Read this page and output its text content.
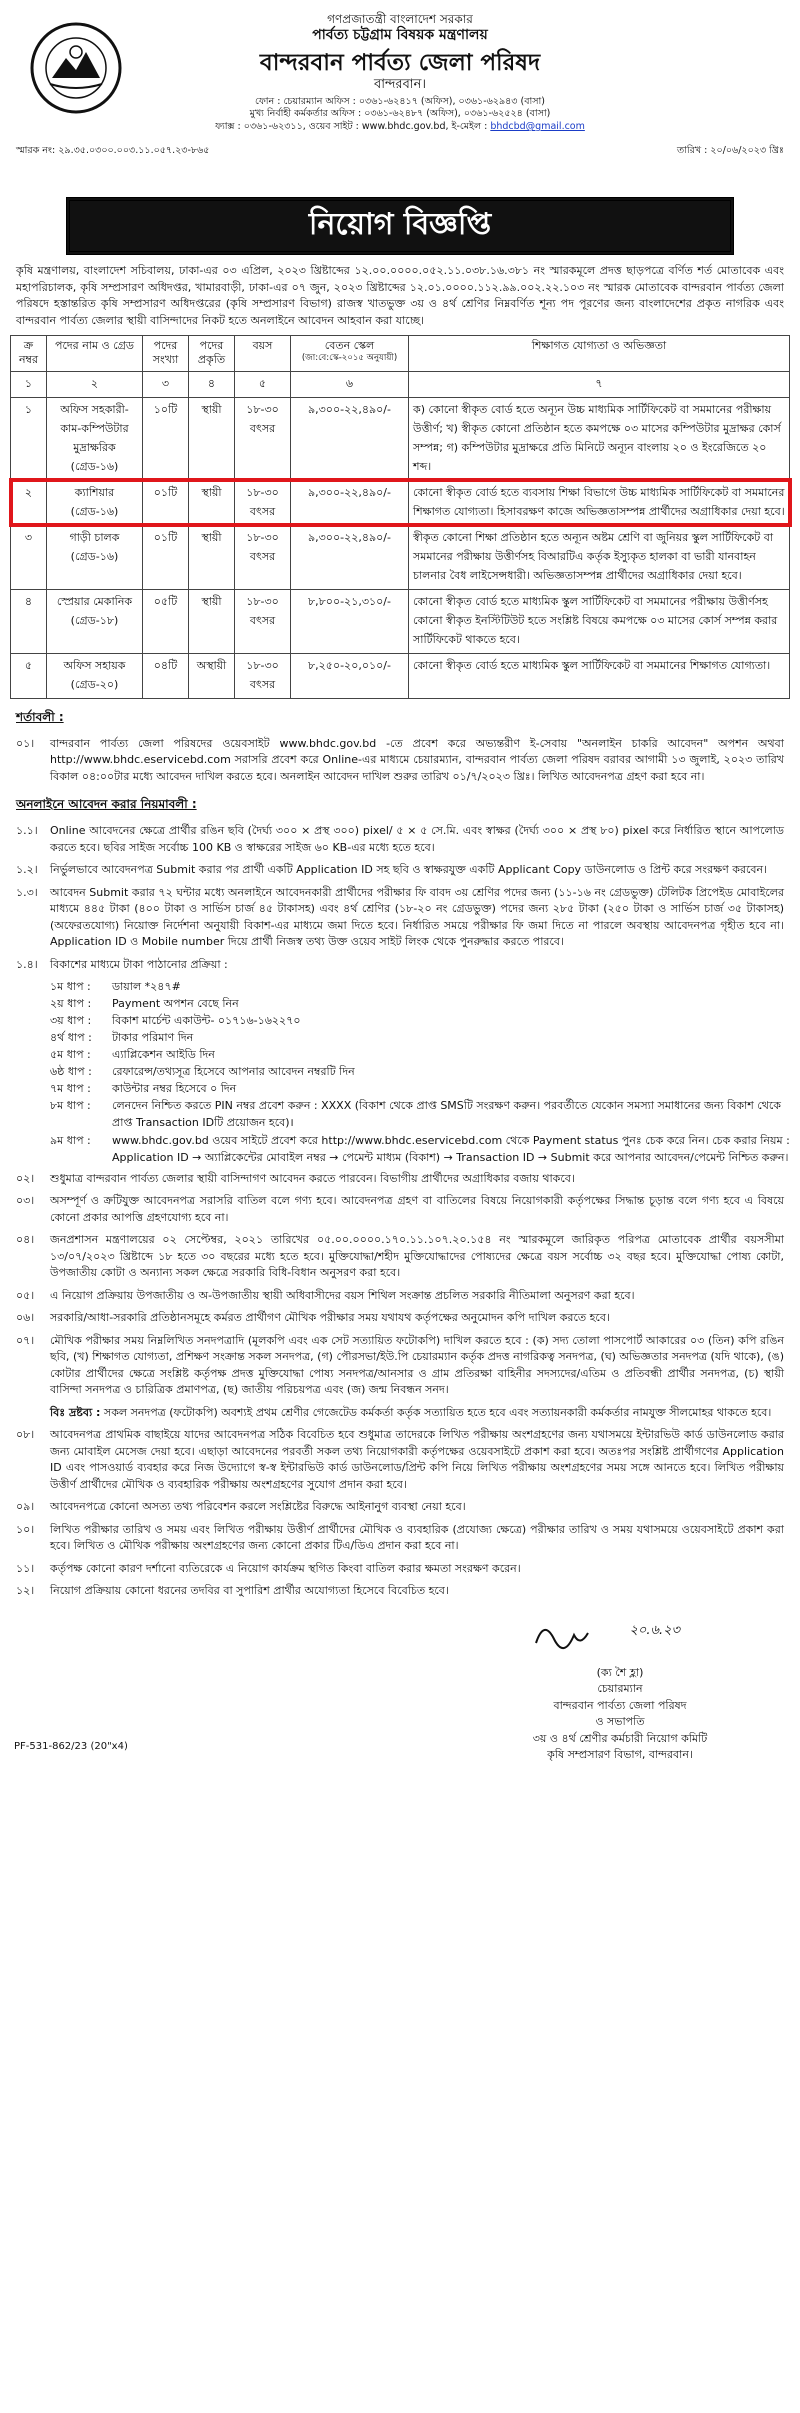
গণপ্রজাতন্ত্রী বাংলাদেশ সরকার
পার্বত্য চট্টগ্রাম বিষয়ক মন্ত্রণালয়
বান্দরবান পার্বত্য জেলা পরিষদ
বান্দরবান।
ফোন : চেয়ারম্যান অফিস : ০৩৬১-৬২৪১৭ (অফিস), ০৩৬১-৬২৯৪৩ (বাসা)
মুখ্য নির্বাহী কর্মকর্তার অফিস : ০৩৬১-৬২৪৮৭ (অফিস), ০৩৬১-৬২৫২৪ (বাসা)
ফ্যাক্স : ০৩৬১-৬২৩১১, ওয়েব সাইট : www.bhdc.gov.bd, ই-মেইল : bhdcbd@gmail.com
স্মারক নং: ২৯.৩৫.০৩০০.০০৩.১১.০৫৭.২৩-৮৬৫	তারিখ : ২০/০৬/২০২৩ খ্রিঃ
নিয়োগ বিজ্ঞপ্তি
কৃষি মন্ত্রণালয়, বাংলাদেশ সচিবালয়, ঢাকা-এর ০৩ এপ্রিল, ২০২৩ খ্রিষ্টাব্দের ১২.০০.০০০০.০৫২.১১.০৩৮.১৬.৩৮১ নং স্মারকমূলে প্রদত্ত ছাড়পত্রে বর্ণিত শর্ত মোতাবেক এবং মহাপরিচালক, কৃষি সম্প্রসারণ অধিদপ্তর, খামারবাড়ী, ঢাকা-এর ০৭ জুন, ২০২৩ খ্রিষ্টাব্দের ১২.০১.০০০০.১১২.৯৯.০০২.২২.১০৩ নং স্মারক মোতাবেক বান্দরবান পার্বত্য জেলা পরিষদে হস্তান্তরিত কৃষি সম্প্রসারণ অধিদপ্তরের (কৃষি সম্প্রসারণ বিভাগ) রাজস্ব খাতভুক্ত ৩য় ও ৪র্থ শ্রেণির নিম্নবর্ণিত শূন্য পদ পূরণের জন্য বাংলাদেশের প্রকৃত নাগরিক এবং বান্দরবান পার্বত্য জেলার স্থায়ী বাসিন্দাদের নিকট হতে অনলাইনে আবেদন আহবান করা যাচ্ছে।
ক্র নম্বর	পদের নাম ও গ্রেড	পদের সংখ্যা	পদের প্রকৃতি	বয়স	বেতন স্কেল
(জা:বে:স্কে-২০১৫ অনুযায়ী)	শিক্ষাগত যোগ্যতা ও অভিজ্ঞতা
১	২	৩	৪	৫	৬	৭
১	অফিস সহকারী-কাম-কম্পিউটার মুদ্রাক্ষরিক (গ্রেড-১৬)	১০টি	স্থায়ী	১৮-৩০ বৎসর	৯,৩০০-২২,৪৯০/-	ক) কোনো স্বীকৃত বোর্ড হতে অন্যূন উচ্চ মাধ্যমিক সার্টিফিকেট বা সমমানের পরীক্ষায় উত্তীর্ণ; খ) স্বীকৃত কোনো প্রতিষ্ঠান হতে কমপক্ষে ০৩ মাসের কম্পিউটার মুদ্রাক্ষর কোর্স সম্পন্ন; গ) কম্পিউটার মুদ্রাক্ষরে প্রতি মিনিটে অন্যূন বাংলায় ২০ ও ইংরেজিতে ২০ শব্দ।
২	ক্যাশিয়ার (গ্রেড-১৬)	০১টি	স্থায়ী	১৮-৩০ বৎসর	৯,৩০০-২২,৪৯০/-	কোনো স্বীকৃত বোর্ড হতে ব্যবসায় শিক্ষা বিভাগে উচ্চ মাধ্যমিক সার্টিফিকেট বা সমমানের শিক্ষাগত যোগ্যতা। হিসাবরক্ষণ কাজে অভিজ্ঞতাসম্পন্ন প্রার্থীদের অগ্রাধিকার দেয়া হবে।
৩	গাড়ী চালক (গ্রেড-১৬)	০১টি	স্থায়ী	১৮-৩০ বৎসর	৯,৩০০-২২,৪৯০/-	স্বীকৃত কোনো শিক্ষা প্রতিষ্ঠান হতে অন্যূন অষ্টম শ্রেণি বা জুনিয়র স্কুল সার্টিফিকেট বা সমমানের পরীক্ষায় উত্তীর্ণসহ বিআরটিএ কর্তৃক ইস্যুকৃত হালকা বা ভারী যানবাহন চালনার বৈধ লাইসেন্সধারী। অভিজ্ঞতাসম্পন্ন প্রার্থীদের অগ্রাধিকার দেয়া হবে।
৪	স্প্রেয়ার মেকানিক (গ্রেড-১৮)	০৫টি	স্থায়ী	১৮-৩০ বৎসর	৮,৮০০-২১,৩১০/-	কোনো স্বীকৃত বোর্ড হতে মাধ্যমিক স্কুল সার্টিফিকেট বা সমমানের পরীক্ষায় উত্তীর্ণসহ কোনো স্বীকৃত ইনস্টিটিউট হতে সংশ্লিষ্ট বিষয়ে কমপক্ষে ০৩ মাসের কোর্স সম্পন্ন করার সার্টিফিকেট থাকতে হবে।
৫	অফিস সহায়ক (গ্রেড-২০)	০৪টি	অস্থায়ী	১৮-৩০ বৎসর	৮,২৫০-২০,০১০/-	কোনো স্বীকৃত বোর্ড হতে মাধ্যমিক স্কুল সার্টিফিকেট বা সমমানের শিক্ষাগত যোগ্যতা।
শর্তাবলী :
০১।	বান্দরবান পার্বত্য জেলা পরিষদের ওয়েবসাইট www.bhdc.gov.bd -তে প্রবেশ করে অভ্যন্তরীণ ই-সেবায় "অনলাইন চাকরি আবেদন" অপশন অথবা http://www.bhdc.eservicebd.com সরাসরি প্রবেশ করে Online-এর মাধ্যমে চেয়ারম্যান, বান্দরবান পার্বত্য জেলা পরিষদ বরাবর আগামী ১৩ জুলাই, ২০২৩ তারিখ বিকাল ০৪:০০টার মধ্যে আবেদন দাখিল করতে হবে। অনলাইন আবেদন দাখিল শুরুর তারিখ ০১/৭/২০২৩ খ্রিঃ। লিখিত আবেদনপত্র গ্রহণ করা হবে না।
অনলাইনে আবেদন করার নিয়মাবলী :
১.১।	Online আবেদনের ক্ষেত্রে প্রার্থীর রঙিন ছবি (দৈর্ঘ্য ৩০০ × প্রস্থ ৩০০) pixel/ ৫ × ৫ সে.মি. এবং স্বাক্ষর (দৈর্ঘ্য ৩০০ × প্রস্থ ৮০) pixel করে নির্ধারিত স্থানে আপলোড করতে হবে। ছবির সাইজ সর্বোচ্চ 100 KB ও স্বাক্ষরের সাইজ ৬০ KB-এর মধ্যে হতে হবে।
১.২।	নির্ভুলভাবে আবেদনপত্র Submit করার পর প্রার্থী একটি Application ID সহ ছবি ও স্বাক্ষরযুক্ত একটি Applicant Copy ডাউনলোড ও প্রিন্ট করে সংরক্ষণ করবেন।
১.৩।	আবেদন Submit করার ৭২ ঘন্টার মধ্যে অনলাইনে আবেদনকারী প্রার্থীদের পরীক্ষার ফি বাবদ ৩য় শ্রেণির পদের জন্য (১১-১৬ নং গ্রেডভুক্ত) টেলিটক প্রিপেইড মোবাইলের মাধ্যমে ৪৪৫ টাকা (৪০০ টাকা ও সার্ভিস চার্জ ৪৫ টাকাসহ) এবং ৪র্থ শ্রেণির (১৮-২০ নং গ্রেডভুক্ত) পদের জন্য ২৮৫ টাকা (২৫০ টাকা ও সার্ভিস চার্জ ৩৫ টাকাসহ) (অফেরতযোগ্য) নিয়োক্ত নির্দেশনা অনুযায়ী বিকাশ-এর মাধ্যমে জমা দিতে হবে। নির্ধারিত সময়ে পরীক্ষার ফি জমা দিতে না পারলে অবস্থায় আবেদনপত্র গৃহীত হবে না। Application ID ও Mobile number দিয়ে প্রার্থী নিজস্ব তথ্য উক্ত ওয়েব সাইট লিংক থেকে পুনরুদ্ধার করতে পারবে।
১.৪।	বিকাশের মাধ্যমে টাকা পাঠানোর প্রক্রিয়া :
১ম ধাপ :	ডায়াল *২৪৭#
২য় ধাপ :	Payment অপশন বেছে নিন
৩য় ধাপ :	বিকাশ মার্চেন্ট একাউন্ট- ০১৭১৬-১৬২২৭০
৪র্থ ধাপ :	টাকার পরিমাণ দিন
৫ম ধাপ :	এ্যাপ্লিকেশন আইডি দিন
৬ষ্ঠ ধাপ :	রেফারেন্স/তথ্যসূত্র হিসেবে আপনার আবেদন নম্বরটি দিন
৭ম ধাপ :	কাউন্টার নম্বর হিসেবে ০ দিন
৮ম ধাপ :	লেনদেন নিশ্চিত করতে PIN নম্বর প্রবেশ করুন : XXXX (বিকাশ থেকে প্রাপ্ত SMSটি সংরক্ষণ করুন। পরবর্তীতে যেকোন সমস্যা সমাধানের জন্য বিকাশ থেকে প্রাপ্ত Transaction IDটি প্রয়োজন হবে)।
৯ম ধাপ :	www.bhdc.gov.bd ওয়েব সাইটে প্রবেশ করে http://www.bhdc.eservicebd.com থেকে Payment status পুনঃ চেক করে নিন। চেক করার নিয়ম : Application ID → অ্যাপ্লিকেন্টের মোবাইল নম্বর → পেমেন্ট মাধ্যম (বিকাশ) → Transaction ID → Submit করে আপনার আবেদন/পেমেন্ট নিশ্চিত করুন।
০২।	শুধুমাত্র বান্দরবান পার্বত্য জেলার স্থায়ী বাসিন্দাগণ আবেদন করতে পারবেন। বিভাগীয় প্রার্থীদের অগ্রাধিকার বজায় থাকবে।
০৩।	অসম্পূর্ণ ও ক্রটিযুক্ত আবেদনপত্র সরাসরি বাতিল বলে গণ্য হবে। আবেদনপত্র গ্রহণ বা বাতিলের বিষয়ে নিয়োগকারী কর্তৃপক্ষের সিদ্ধান্ত চূড়ান্ত বলে গণ্য হবে এ বিষয়ে কোনো প্রকার আপত্তি গ্রহণযোগ্য হবে না।
০৪।	জনপ্রশাসন মন্ত্রণালয়ের ০২ সেপ্টেম্বর, ২০২১ তারিখের ০৫.০০.০০০০.১৭০.১১.১০৭.২০.১৫৪ নং স্মারকমূলে জারিকৃত পরিপত্র মোতাবেক প্রার্থীর বয়সসীমা ১৩/০৭/২০২৩ খ্রিষ্টাব্দে ১৮ হতে ৩০ বছরের মধ্যে হতে হবে। মুক্তিযোদ্ধা/শহীদ মুক্তিযোদ্ধাদের পোষ্যদের ক্ষেত্রে বয়স সর্বোচ্চ ৩২ বছর হবে। মুক্তিযোদ্ধা পোষ্য কোটা, উপজাতীয় কোটা ও অন্যান্য সকল ক্ষেত্রে সরকারি বিধি-বিধান অনুসরণ করা হবে।
০৫।	এ নিয়োগ প্রক্রিয়ায় উপজাতীয় ও অ-উপজাতীয় স্থায়ী অধিবাসীদের বয়স শিথিল সংক্রান্ত প্রচলিত সরকারি নীতিমালা অনুসরণ করা হবে।
০৬।	সরকারি/আধা-সরকারি প্রতিষ্ঠানসমূহে কর্মরত প্রার্থীগণ মৌখিক পরীক্ষার সময় যথাযথ কর্তৃপক্ষের অনুমোদন কপি দাখিল করতে হবে।
০৭।	মৌখিক পরীক্ষার সময় নিম্নলিখিত সনদপত্রাদি (মূলকপি এবং এক সেট সত্যায়িত ফটোকপি) দাখিল করতে হবে : (ক) সদ্য তোলা পাসপোর্ট আকারের ০৩ (তিন) কপি রঙিন ছবি, (খ) শিক্ষাগত যোগ্যতা, প্রশিক্ষণ সংক্রান্ত সকল সনদপত্র, (গ) পৌরসভা/ইউ.পি চেয়ারম্যান কর্তৃক প্রদত্ত নাগরিকত্ব সনদপত্র, (ঘ) অভিজ্ঞতার সনদপত্র (যদি থাকে), (ঙ) কোটার প্রার্থীদের ক্ষেত্রে সংশ্লিষ্ট কর্তৃপক্ষ প্রদত্ত মুক্তিযোদ্ধা পোষ্য সনদপত্র/আনসার ও গ্রাম প্রতিরক্ষা বাহিনীর সদস্যদের/এতিম ও প্রতিবন্ধী প্রার্থীর সনদপত্র, (চ) স্থায়ী বাসিন্দা সনদপত্র ও চারিত্রিক প্রমাণপত্র, (ছ) জাতীয় পরিচয়পত্র এবং (জ) জন্ম নিবন্ধন সনদ।
বিঃ দ্রষ্টব্য : সকল সনদপত্র (ফটোকপি) অবশ্যই প্রথম শ্রেণীর গেজেটেড কর্মকর্তা কর্তৃক সত্যায়িত হতে হবে এবং সত্যায়নকারী কর্মকর্তার নামযুক্ত সীলমোহর থাকতে হবে।
০৮।	আবেদনপত্র প্রাথমিক বাছাইয়ে যাদের আবেদনপত্র সঠিক বিবেচিত হবে শুধুমাত্র তাদেরকে লিখিত পরীক্ষায় অংশগ্রহণের জন্য যথাসময়ে ইন্টারভিউ কার্ড ডাউনলোড করার জন্য মোবাইল মেসেজ দেয়া হবে। এছাড়া আবেদনের পরবর্তী সকল তথ্য নিয়োগকারী কর্তৃপক্ষের ওয়েবসাইটে প্রকাশ করা হবে। অতঃপর সংশ্লিষ্ট প্রার্থীগণের Application ID এবং পাসওয়ার্ড ব্যবহার করে নিজ উদ্যোগে স্ব-স্ব ইন্টারভিউ কার্ড ডাউনলোড/প্রিন্ট কপি নিয়ে লিখিত পরীক্ষায় অংশগ্রহণের সময় সঙ্গে আনতে হবে। লিখিত পরীক্ষায় উত্তীর্ণ প্রার্থীদের মৌখিক ও ব্যবহারিক পরীক্ষায় অংশগ্রহণের সুযোগ প্রদান করা হবে।
০৯।	আবেদনপত্রে কোনো অসত্য তথ্য পরিবেশন করলে সংশ্লিষ্টের বিরুদ্ধে আইনানুগ ব্যবস্থা নেয়া হবে।
১০।	লিখিত পরীক্ষার তারিখ ও সময় এবং লিখিত পরীক্ষায় উত্তীর্ণ প্রার্থীদের মৌখিক ও ব্যবহারিক (প্রযোজ্য ক্ষেত্রে) পরীক্ষার তারিখ ও সময় যথাসময়ে ওয়েবসাইটে প্রকাশ করা হবে। লিখিত ও মৌখিক পরীক্ষায় অংশগ্রহণের জন্য কোনো প্রকার টিএ/ডিএ প্রদান করা হবে না।
১১।	কর্তৃপক্ষ কোনো কারণ দর্শানো ব্যতিরেকে এ নিয়োগ কার্যক্রম স্থগিত কিংবা বাতিল করার ক্ষমতা সংরক্ষণ করেন।
১২।	নিয়োগ প্রক্রিয়ায় কোনো ধরনের তদবির বা সুপারিশ প্রার্থীর অযোগ্যতা হিসেবে বিবেচিত হবে।
২০.৬.২৩
(ক্য শৈ হ্লা)
চেয়ারম্যান
বান্দরবান পার্বত্য জেলা পরিষদ
ও সভাপতি
৩য় ও ৪র্থ শ্রেণীর কর্মচারী নিয়োগ কমিটি
কৃষি সম্প্রসারণ বিভাগ, বান্দরবান।
PF-531-862/23 (20"x4)
